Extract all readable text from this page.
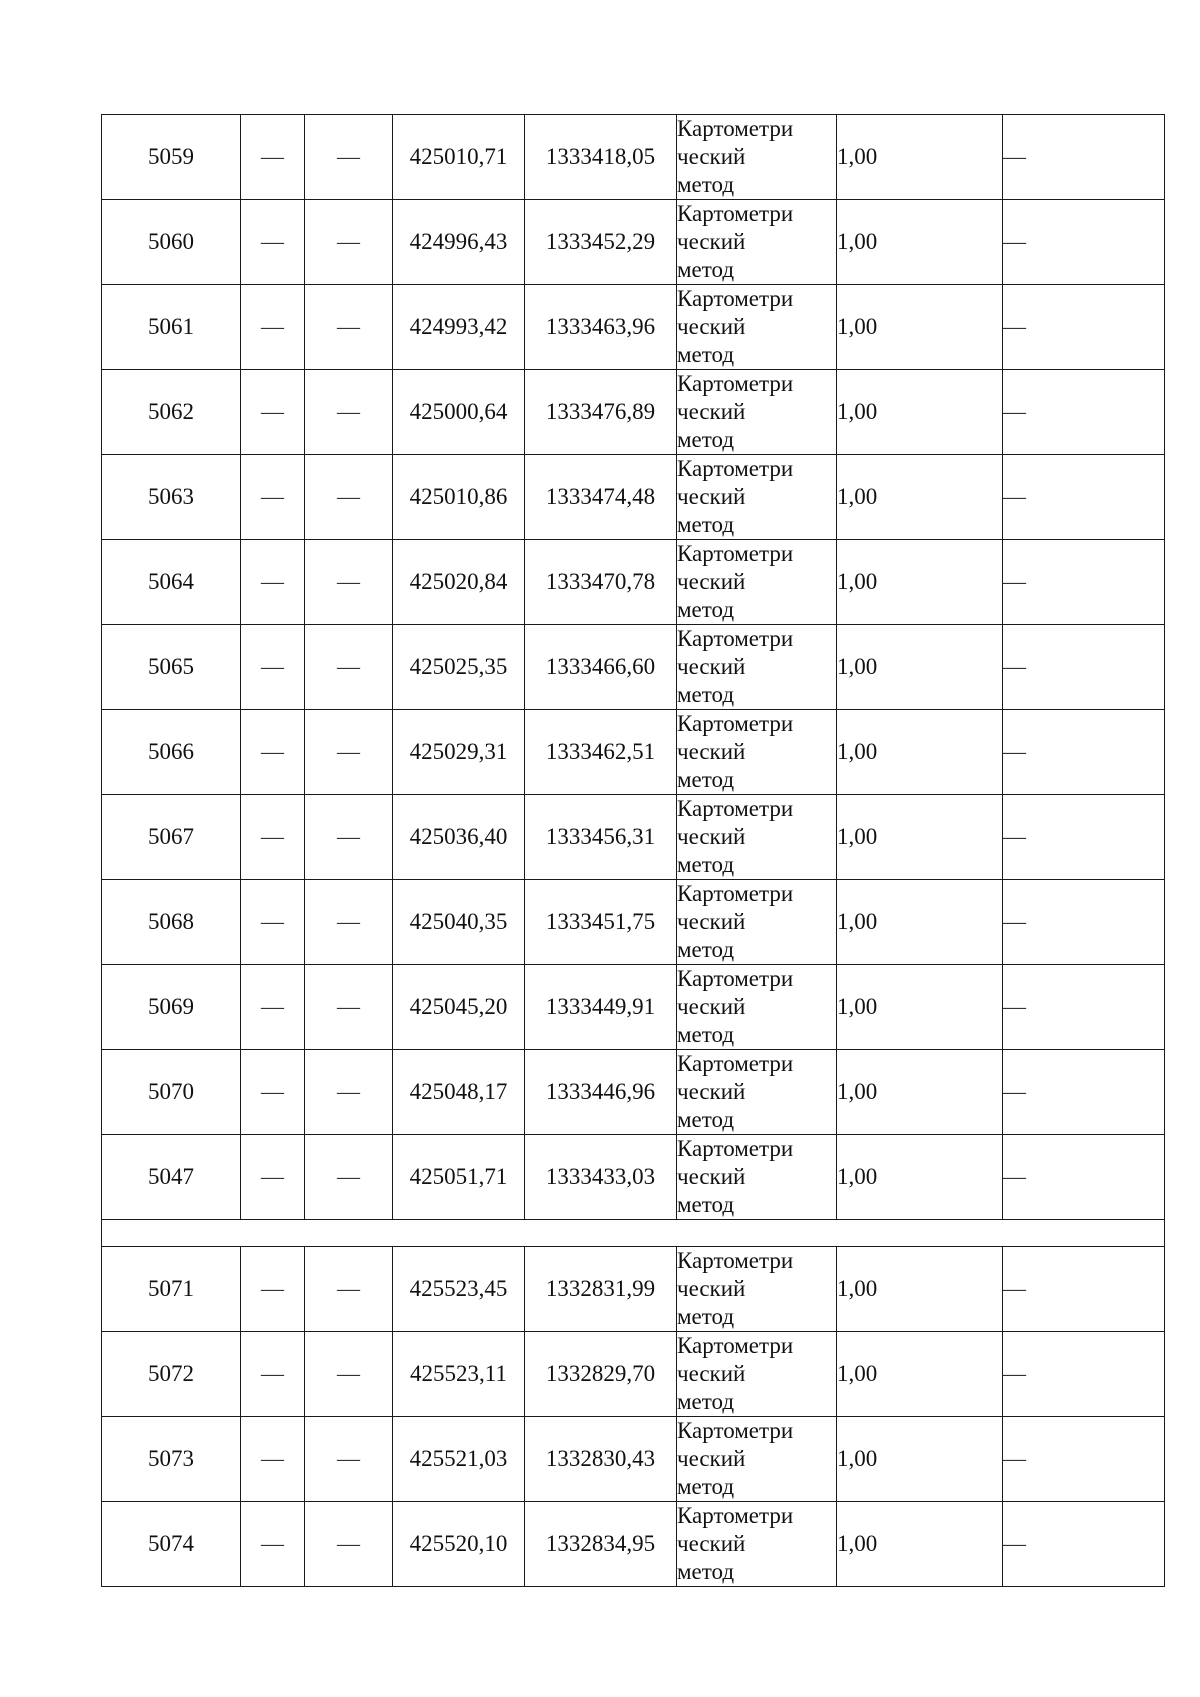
5059	—	—	425010,71	1333418,05	Картометри
ческий
метод	1,00	—
5060	—	—	424996,43	1333452,29	Картометри
ческий
метод	1,00	—
5061	—	—	424993,42	1333463,96	Картометри
ческий
метод	1,00	—
5062	—	—	425000,64	1333476,89	Картометри
ческий
метод	1,00	—
5063	—	—	425010,86	1333474,48	Картометри
ческий
метод	1,00	—
5064	—	—	425020,84	1333470,78	Картометри
ческий
метод	1,00	—
5065	—	—	425025,35	1333466,60	Картометри
ческий
метод	1,00	—
5066	—	—	425029,31	1333462,51	Картометри
ческий
метод	1,00	—
5067	—	—	425036,40	1333456,31	Картометри
ческий
метод	1,00	—
5068	—	—	425040,35	1333451,75	Картометри
ческий
метод	1,00	—
5069	—	—	425045,20	1333449,91	Картометри
ческий
метод	1,00	—
5070	—	—	425048,17	1333446,96	Картометри
ческий
метод	1,00	—
5047	—	—	425051,71	1333433,03	Картометри
ческий
метод	1,00	—

5071	—	—	425523,45	1332831,99	Картометри
ческий
метод	1,00	—
5072	—	—	425523,11	1332829,70	Картометри
ческий
метод	1,00	—
5073	—	—	425521,03	1332830,43	Картометри
ческий
метод	1,00	—
5074	—	—	425520,10	1332834,95	Картометри
ческий
метод	1,00	—
